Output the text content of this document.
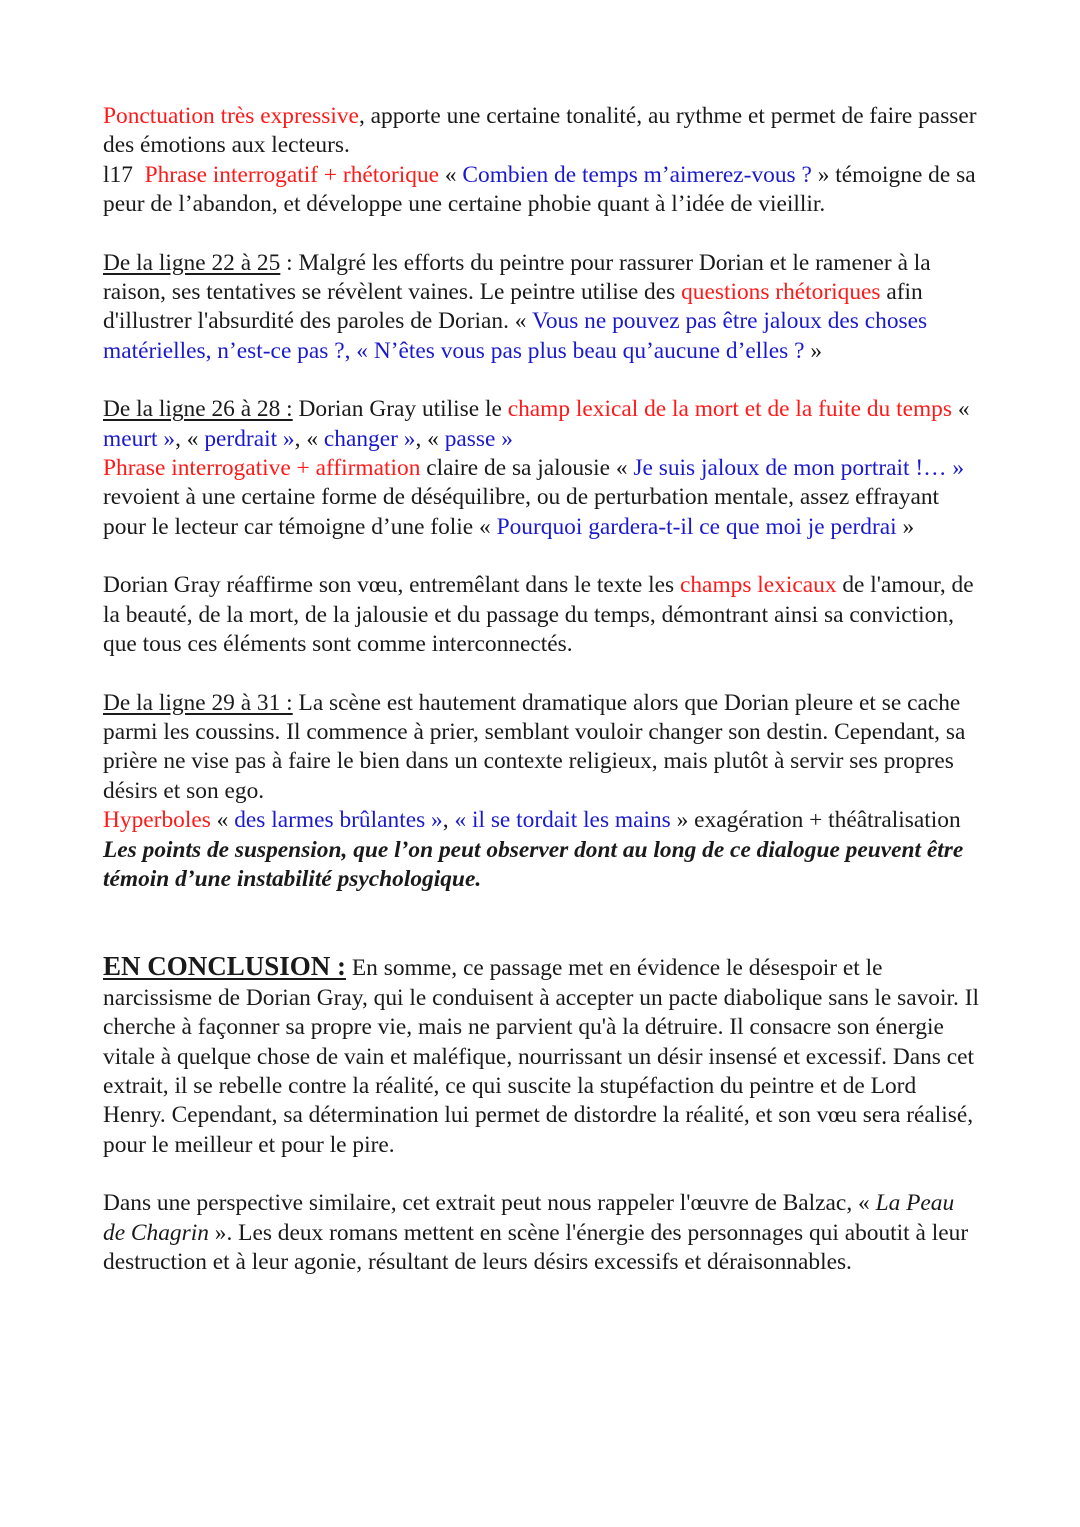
Ponctuation très expressive, apporte une certaine tonalité, au rythme et permet de faire passer des émotions aux lecteurs.
l17 Phrase interrogatif + rhétorique « Combien de temps m’aimerez-vous ? » témoigne de sa peur de l’abandon, et développe une certaine phobie quant à l’idée de vieillir.

De la ligne 22 à 25 : Malgré les efforts du peintre pour rassurer Dorian et le ramener à la raison, ses tentatives se révèlent vaines. Le peintre utilise des questions rhétoriques afin d'illustrer l'absurdité des paroles de Dorian. « Vous ne pouvez pas être jaloux des choses matérielles, n’est-ce pas ?, « N’êtes vous pas plus beau qu’aucune d’elles ? »

De la ligne 26 à 28 : Dorian Gray utilise le champ lexical de la mort et de la fuite du temps « meurt », « perdrait », « changer », « passe »
Phrase interrogative + affirmation claire de sa jalousie « Je suis jaloux de mon portrait !… » revoient à une certaine forme de déséquilibre, ou de perturbation mentale, assez effrayant pour le lecteur car témoigne d’une folie « Pourquoi gardera-t-il ce que moi je perdrai »

Dorian Gray réaffirme son vœu, entremêlant dans le texte les champs lexicaux de l'amour, de la beauté, de la mort, de la jalousie et du passage du temps, démontrant ainsi sa conviction, que tous ces éléments sont comme interconnectés.

De la ligne 29 à 31 : La scène est hautement dramatique alors que Dorian pleure et se cache parmi les coussins. Il commence à prier, semblant vouloir changer son destin. Cependant, sa prière ne vise pas à faire le bien dans un contexte religieux, mais plutôt à servir ses propres désirs et son ego.
Hyperboles « des larmes brûlantes », « il se tordait les mains » exagération + théâtralisation
Les points de suspension, que l’on peut observer dont au long de ce dialogue peuvent être témoin d’une instabilité psychologique.

EN CONCLUSION : En somme, ce passage met en évidence le désespoir et le narcissisme de Dorian Gray, qui le conduisent à accepter un pacte diabolique sans le savoir. Il cherche à façonner sa propre vie, mais ne parvient qu'à la détruire. Il consacre son énergie vitale à quelque chose de vain et maléfique, nourrissant un désir insensé et excessif. Dans cet extrait, il se rebelle contre la réalité, ce qui suscite la stupéfaction du peintre et de Lord Henry. Cependant, sa détermination lui permet de distordre la réalité, et son vœu sera réalisé, pour le meilleur et pour le pire.

Dans une perspective similaire, cet extrait peut nous rappeler l'œuvre de Balzac, « La Peau de Chagrin ». Les deux romans mettent en scène l'énergie des personnages qui aboutit à leur destruction et à leur agonie, résultant de leurs désirs excessifs et déraisonnables.
